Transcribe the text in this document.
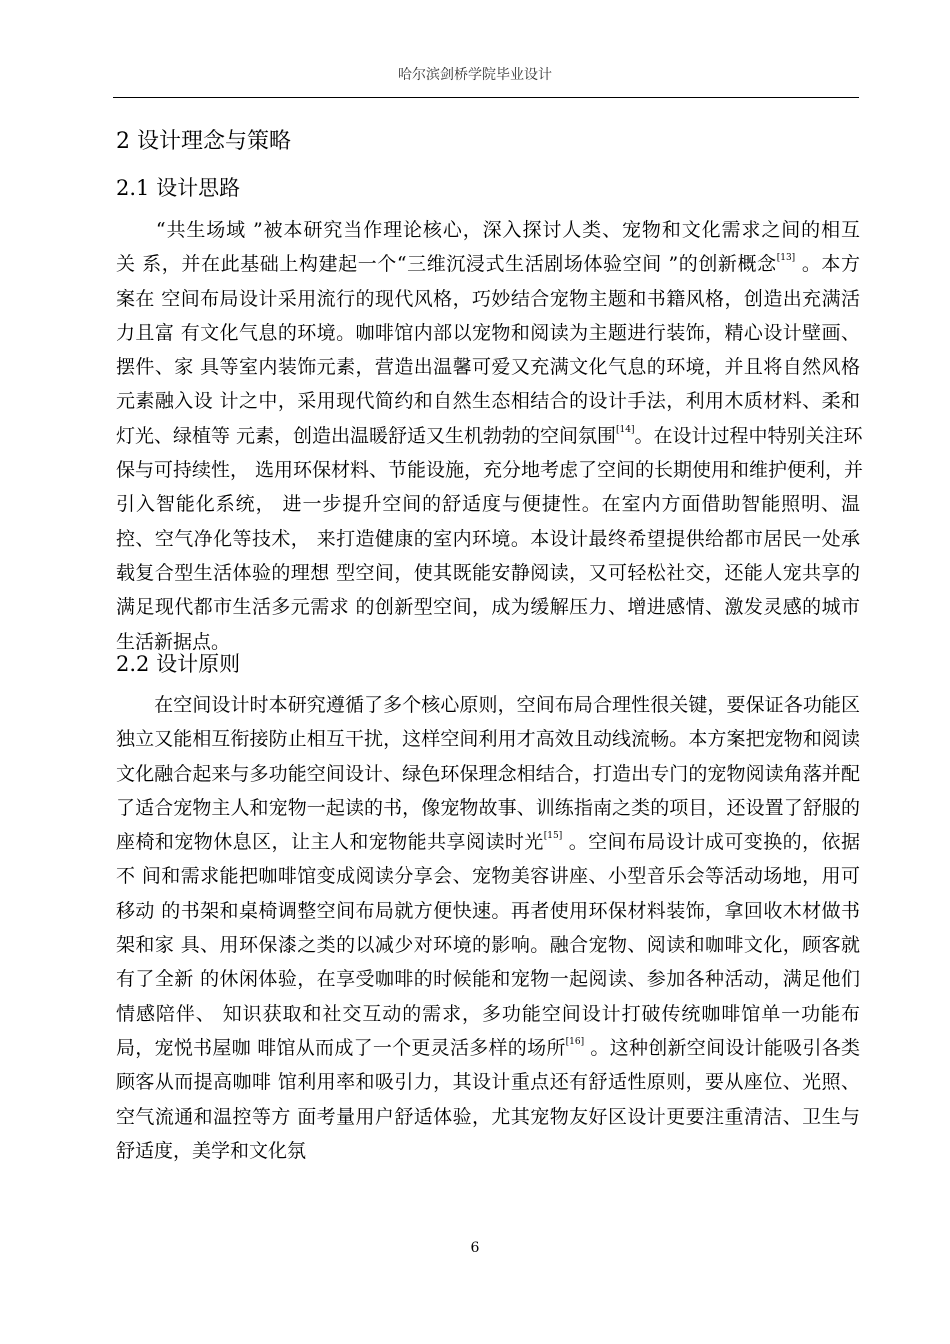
哈尔滨剑桥学院毕业设计
2 设计理念与策略
2.1 设计思路
　　“共生场域 ”被本研究当作理论核心，深入探讨人类、宠物和文化需求之间的相互
关 系，并在此基础上构建起一个“三维沉浸式生活剧场体验空间 ”的创新概念[13] 。本方
案在 空间布局设计采用流行的现代风格，巧妙结合宠物主题和书籍风格，创造出充满活
力且富 有文化气息的环境。咖啡馆内部以宠物和阅读为主题进行装饰，精心设计壁画、
摆件、家 具等室内装饰元素，营造出温馨可爱又充满文化气息的环境，并且将自然风格
元素融入设 计之中，采用现代简约和自然生态相结合的设计手法，利用木质材料、柔和
灯光、绿植等 元素，创造出温暖舒适又生机勃勃的空间氛围[14]。在设计过程中特别关注环
保与可持续性， 选用环保材料、节能设施，充分地考虑了空间的长期使用和维护便利，并
引入智能化系统， 进一步提升空间的舒适度与便捷性。在室内方面借助智能照明、温
控、空气净化等技术， 来打造健康的室内环境。本设计最终希望提供给都市居民一处承
载复合型生活体验的理想 型空间，使其既能安静阅读，又可轻松社交，还能人宠共享的
满足现代都市生活多元需求 的创新型空间，成为缓解压力、增进感情、激发灵感的城市
生活新据点。
2.2 设计原则
　　在空间设计时本研究遵循了多个核心原则，空间布局合理性很关键，要保证各功能区
独立又能相互衔接防止相互干扰，这样空间利用才高效且动线流畅。本方案把宠物和阅读
文化融合起来与多功能空间设计、绿色环保理念相结合，打造出专门的宠物阅读角落并配
了适合宠物主人和宠物一起读的书，像宠物故事、训练指南之类的项目，还设置了舒服的
座椅和宠物休息区，让主人和宠物能共享阅读时光[15] 。空间布局设计成可变换的，依据
不 间和需求能把咖啡馆变成阅读分享会、宠物美容讲座、小型音乐会等活动场地，用可
移动 的书架和桌椅调整空间布局就方便快速。再者使用环保材料装饰，拿回收木材做书
架和家 具、用环保漆之类的以减少对环境的影响。融合宠物、阅读和咖啡文化，顾客就
有了全新 的休闲体验，在享受咖啡的时候能和宠物一起阅读、参加各种活动，满足他们
情感陪伴、 知识获取和社交互动的需求，多功能空间设计打破传统咖啡馆单一功能布
局，宠悦书屋咖 啡馆从而成了一个更灵活多样的场所[16] 。这种创新空间设计能吸引各类
顾客从而提高咖啡 馆利用率和吸引力，其设计重点还有舒适性原则，要从座位、光照、
空气流通和温控等方 面考量用户舒适体验，尤其宠物友好区设计更要注重清洁、卫生与
舒适度，美学和文化氛
6
